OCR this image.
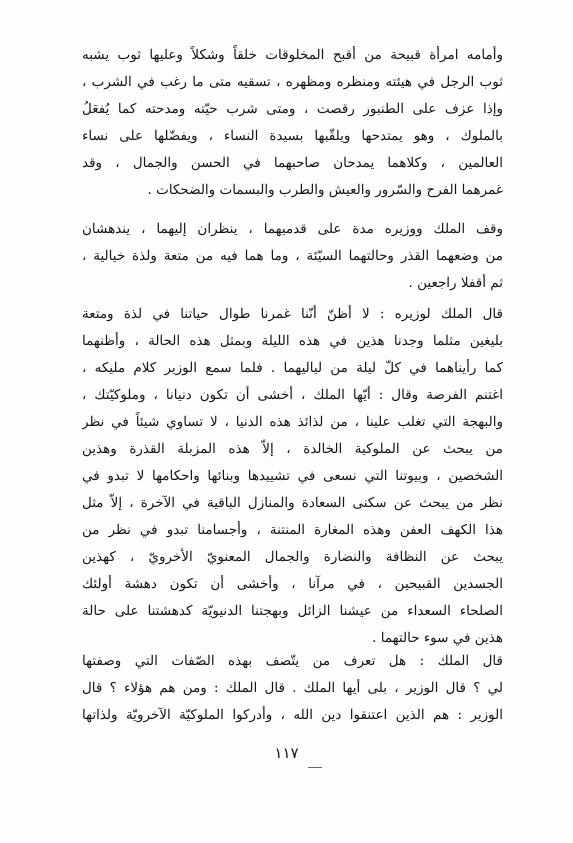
وأمامه امرأة قبيحة من أقبح المخلوقات خلقاً وشكلاً وعليها ثوب يشبه
ثوب الرجل في هيئته ومنظره ومظهره ، تسقيه متى ما رغب في الشرب ،
وإذا عزف على الطنبور رقصت ، ومتى شرب حيّته ومدحته كما يُفعَلُ
بالملوك ، وهو يمتدحها ويلقّبها بسيدة النساء ، ويفضّلها على نساء
العالمين ، وكلاهما يمدحان صاحبهما في الحسن والجمال ، وقد
غمرهما الفرح والسّرور والعيش والطرب والبسمات والضحكات .
وقف الملك ووزيره مدة على قدميهما ، ينظران إليهما ، يندهشان
من وضعهما القذر وحالتهما السيّئة ، وما هما فيه من متعة ولذة خيالية ،
ثم أقفلا راجعين .
قال الملك لوزيره : لا أظنّ أنّنا غمرنا طوال حياتنا في لذة ومتعة
بليغين مثلما وجدنا هذين في هذه الليلة وبمثل هذه الحالة ، وأظنهما
كما رأيناهما في كلّ ليلة من لياليهما . فلما سمع الوزير كلام مليكه ،
اغتنم الفرصة وقال : أيّها الملك ، أخشى أن تكون دنيانا ، وملوكيّتك ،
والبهجة التي تغلب علينا ، من لذائذ هذه الدنيا ، لا تساوي شيئاً في نظر
من يبحث عن الملوكية الخالدة ، إلاّ هذه المزبلة القذرة وهذين
الشخصين ، وبيوتنا التي نسعى في تشييدها وبنائها واحكامها لا تبدو في
نظر من يبحث عن سكنى السعادة والمنازل الباقية في الآخرة ، إلاّ مثل
هذا الكهف العفن وهذه المغارة المنتنة ، وأجسامنا تبدو في نظر من
يبحث عن النظافة والنضارة والجمال المعنويّ الأخرويّ ، كهذين
الجسدين القبيحين ، في مرآنا ، وأخشى أن تكون دهشة أولئك
الصلحاء السعداء من عيشنا الزائل وبهجتنا الدنيويّة كدهشتنا على حالة
هذين في سوء حالتهما .
قال الملك : هل تعرف من يتّصف بهذه الصّفات التي وصفتها
لي ؟ قال الوزير ، بلى أيها الملك . قال الملك : ومن هم هؤلاء ؟ قال
الوزير : هم الذين اعتنقوا دين الله ، وأدركوا الملوكيّة الآخرويّة ولذاتها
١١٧
